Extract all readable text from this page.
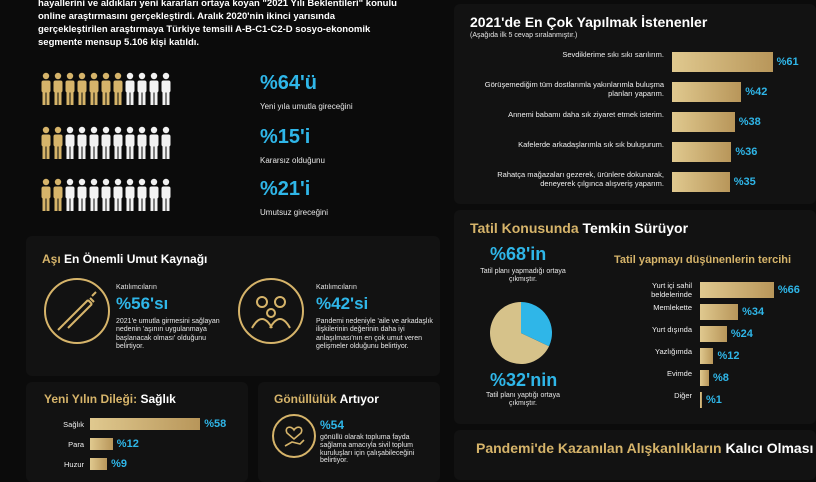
hayallerini ve aldıkları yeni kararları ortaya koyan "2021 Yılı Beklentileri" konulu
online araştırmasını gerçekleştirdi. Aralık 2020'nin ikinci yarısında
gerçekleştirilen araştırmaya Türkiye temsili A-B-C1-C2-D sosyo-ekonomik
segmente mensup 5.106 kişi katıldı.
%64'ü
Yeni yıla umutla gireceğini
%15'i
Kararsız olduğunu
%21'i
Umutsuz gireceğini
Aşı En Önemli Umut Kaynağı
Katılımcıların
%56'sı
2021'e umutla girmesini sağlayan nedenin 'aşının uygulanmaya başlanacak olması' olduğunu belirtiyor.
Katılımcıların
%42'si
Pandemi nedeniyle 'aile ve arkadaşlık ilişkilerinin değerinin daha iyi anlaşılması'nın en çok umut veren gelişmeler olduğunu belirtiyor.
Yeni Yılın Dileği: Sağlık
Sağlık	%58
Para	%12
Huzur %9
Gönüllülük Artıyor
%54
gönüllü olarak topluma fayda sağlama amacıyla sivil toplum kuruluşları için çalışabileceğini belirtiyor.
2021'de En Çok Yapılmak İstenenler
(Aşağıda ilk 5 cevap sıralanmıştır.)
Sevdiklerime sıkı sıkı sarılırım.
%61
Görüşemediğim tüm dostlarımla yakınlarımla buluşma planları yaparım.	%42
Annemi babamı daha sık ziyaret etmek isterim.
%38
Kafelerde arkadaşlarımla sık sık buluşurum.
%36
Rahatça mağazaları gezerek, ürünlere dokunarak, deneyerek çılgınca alışveriş yaparım.	%35
Tatil Konusunda Temkin Sürüyor
%68'in
Tatil planı yapmadığı ortaya çıkmıştır.
%32'nin
Tatil planı yaptığı ortaya çıkmıştır.
Tatil yapmayı düşünenlerin tercihi
Yurt içi sahil beldelerinde	%66
Memlekette	%34
Yurt dışında	%24
Yazlığımda %12
Evimde %8
Diğer %1
Pandemi'de Kazanılan Alışkanlıkların Kalıcı Olması
